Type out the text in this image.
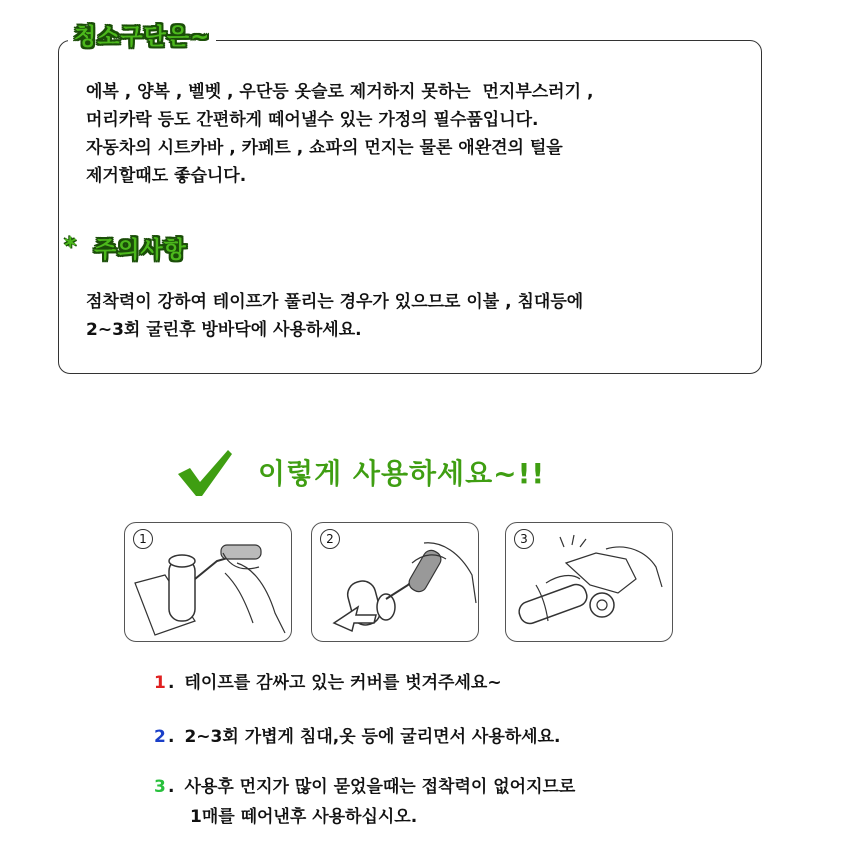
청소구단은~
에복 , 양복 , 벨벳 , 우단등 옷슬로 제거하지 못하는  먼지부스러기 ,
머리카락 등도 간편하게 떼어낼수 있는 가정의 필수품입니다.
자동차의 시트카바 , 카페트 , 쇼파의 먼지는 물론 애완견의 털을
제거할때도 좋습니다.
* 주의사항
점착력이 강하여 테이프가 풀리는 경우가 있으므로 이불 , 침대등에
2~3회 굴린후 방바닥에 사용하세요.
이렇게 사용하세요~!!
1	2	3
1 . 테이프를 감싸고 있는 커버를 벗겨주세요~
2 . 2~3회 가볍게 침대,옷 등에 굴리면서 사용하세요.
3 . 사용후 먼지가 많이 묻었을때는 접착력이 없어지므로
1매를 떼어낸후 사용하십시오.
